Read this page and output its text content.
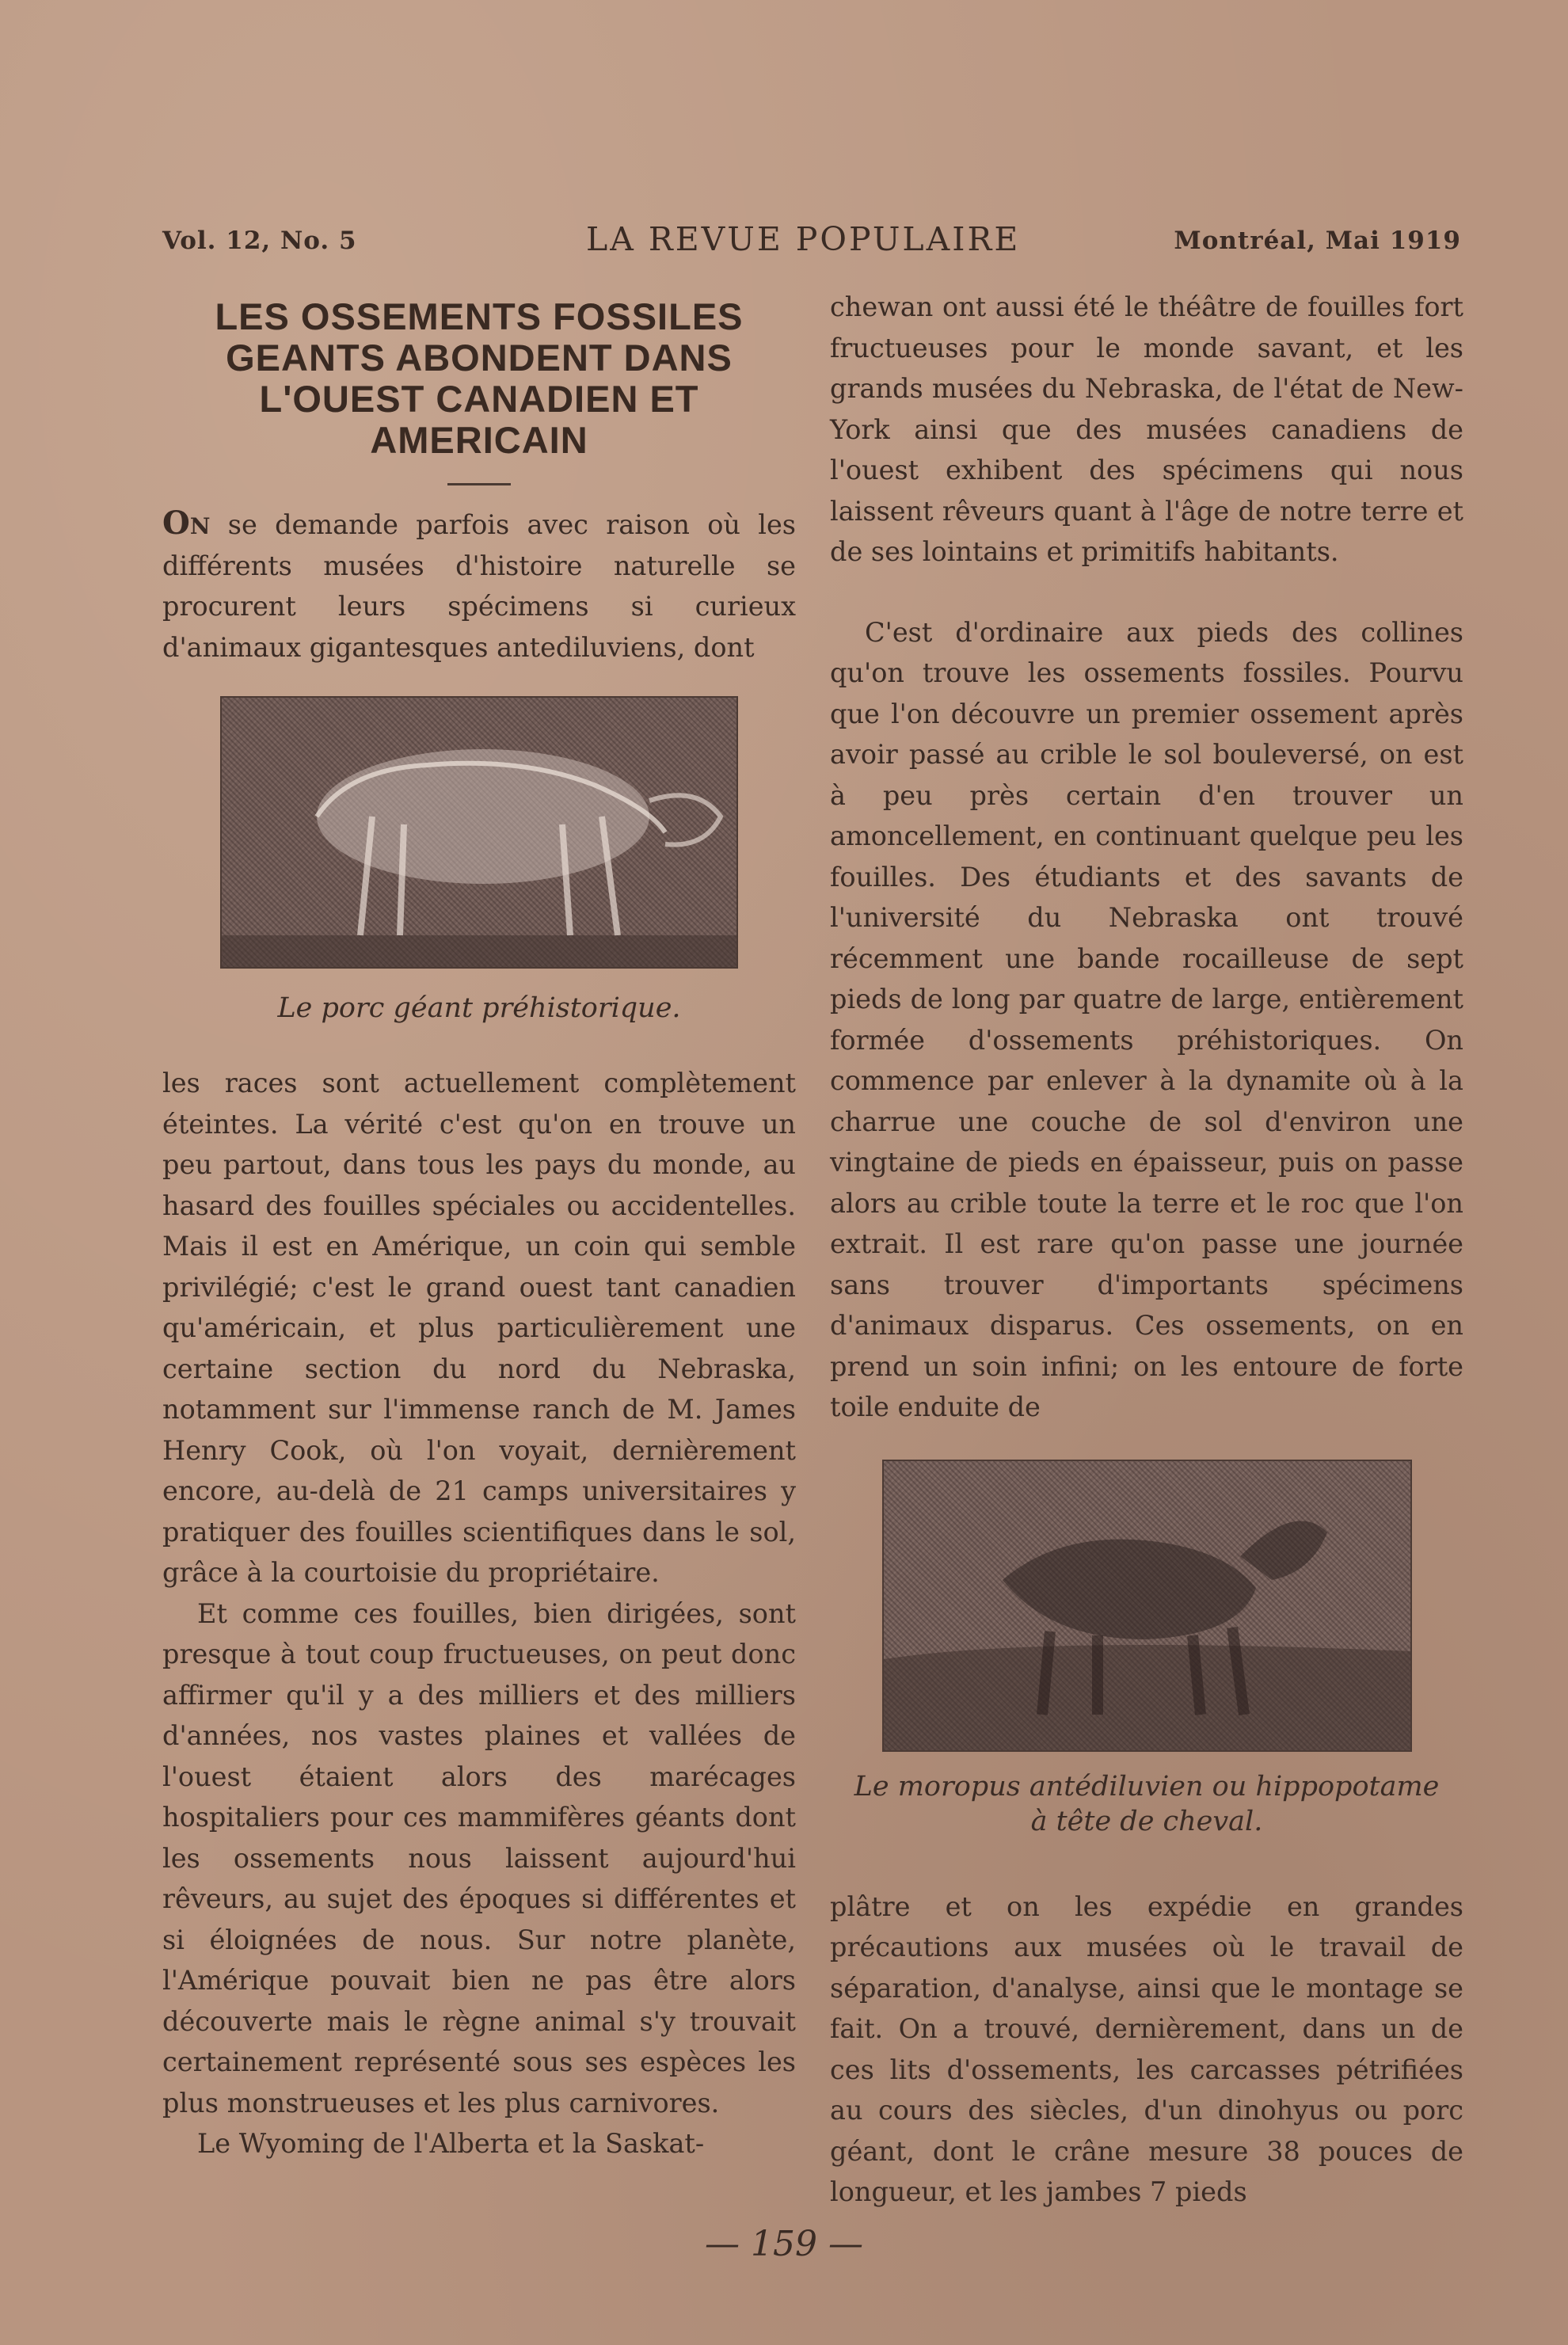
Vol. 12, No. 5	LA REVUE POPULAIRE	Montréal, Mai 1919
LES OSSEMENTS FOSSILES GEANTS ABONDENT DANS L'OUEST CANADIEN ET AMERICAIN

On se demande parfois avec raison où les différents musées d'histoire naturelle se procurent leurs spécimens si curieux d'animaux gigantesques antediluviens, dont

Le porc géant préhistorique.

les races sont actuellement complètement éteintes. La vérité c'est qu'on en trouve un peu partout, dans tous les pays du monde, au hasard des fouilles spéciales ou accidentelles. Mais il est en Amérique, un coin qui semble privilégié; c'est le grand ouest tant canadien qu'américain, et plus particulièrement une certaine section du nord du Nebraska, notamment sur l'immense ranch de M. James Henry Cook, où l'on voyait, dernièrement encore, au-delà de 21 camps universitaires y pratiquer des fouilles scientifiques dans le sol, grâce à la courtoisie du propriétaire.

Et comme ces fouilles, bien dirigées, sont presque à tout coup fructueuses, on peut donc affirmer qu'il y a des milliers et des milliers d'années, nos vastes plaines et vallées de l'ouest étaient alors des marécages hospitaliers pour ces mammifères géants dont les ossements nous laissent aujourd'hui rêveurs, au sujet des époques si différentes et si éloignées de nous. Sur notre planète, l'Amérique pouvait bien ne pas être alors découverte mais le règne animal s'y trouvait certainement représenté sous ses espèces les plus monstrueuses et les plus carnivores.

Le Wyoming de l'Alberta et la Saskat-

chewan ont aussi été le théâtre de fouilles fort fructueuses pour le monde savant, et les grands musées du Nebraska, de l'état de New-York ainsi que des musées canadiens de l'ouest exhibent des spécimens qui nous laissent rêveurs quant à l'âge de notre terre et de ses lointains et primitifs habitants.

C'est d'ordinaire aux pieds des collines qu'on trouve les ossements fossiles. Pourvu que l'on découvre un premier ossement après avoir passé au crible le sol bouleversé, on est à peu près certain d'en trouver un amoncellement, en continuant quelque peu les fouilles. Des étudiants et des savants de l'université du Nebraska ont trouvé récemment une bande rocailleuse de sept pieds de long par quatre de large, entièrement formée d'ossements préhistoriques. On commence par enlever à la dynamite où à la charrue une couche de sol d'environ une vingtaine de pieds en épaisseur, puis on passe alors au crible toute la terre et le roc que l'on extrait. Il est rare qu'on passe une journée sans trouver d'importants spécimens d'animaux disparus. Ces ossements, on en prend un soin infini; on les entoure de forte toile enduite de

Le moropus antédiluvien ou hippopotame
à tête de cheval.

plâtre et on les expédie en grandes précautions aux musées où le travail de séparation, d'analyse, ainsi que le montage se fait. On a trouvé, dernièrement, dans un de ces lits d'ossements, les carcasses pétrifiées au cours des siècles, d'un dinohyus ou porc géant, dont le crâne mesure 38 pouces de longueur, et les jambes 7 pieds

— 159 —
